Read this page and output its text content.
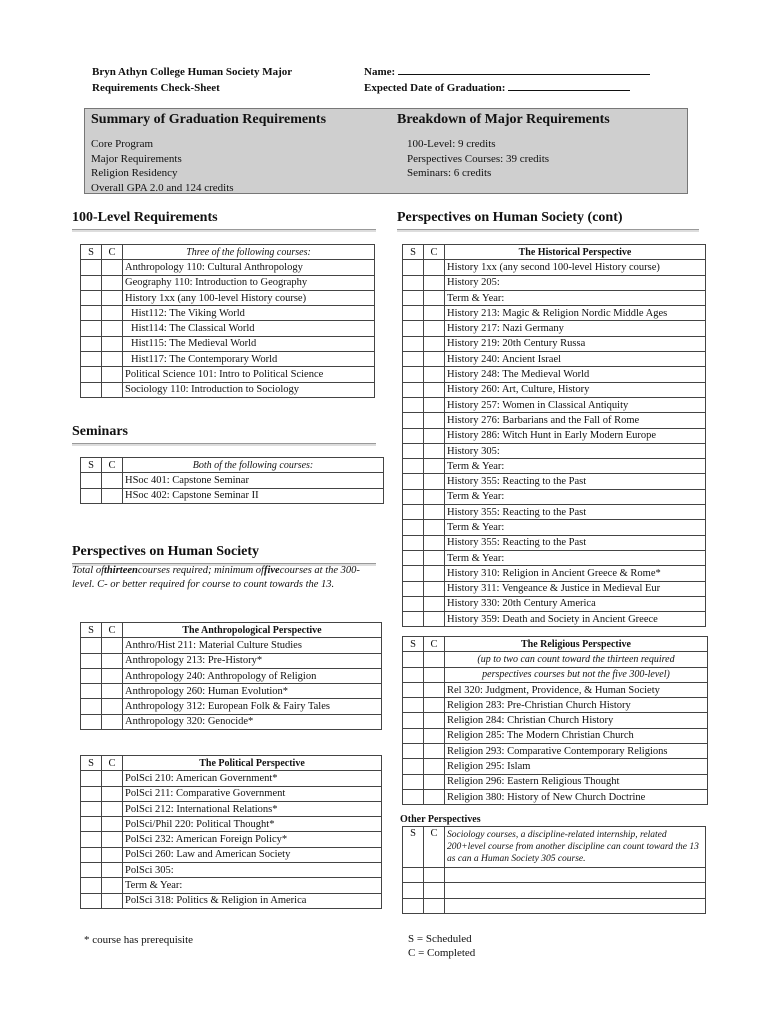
Bryn Athyn College Human Society Major
Requirements Check-Sheet
Name:
Expected Date of Graduation:
Summary of Graduation Requirements
Core Program
Major Requirements
Religion Residency
Overall GPA 2.0 and 124 credits
Breakdown of Major Requirements
100-Level: 9 credits
Perspectives Courses: 39 credits
Seminars: 6 credits
100-Level Requirements
S	C	Three of the following courses:
		Anthropology 110: Cultural Anthropology
		Geography 110: Introduction to Geography
		History 1xx (any 100-level History course)
		Hist112: The Viking World
		Hist114: The Classical World
		Hist115: The Medieval World
		Hist117: The Contemporary World
		Political Science 101: Intro to Political Science
		Sociology 110: Introduction to Sociology
Seminars
S	C	Both of the following courses:
		HSoc 401: Capstone Seminar
		HSoc 402: Capstone Seminar II
Perspectives on Human Society
Total ofthirteencourses required; minimum offivecourses at the 300-level. C- or better required for course to count towards the 13.
S	C	The Anthropological Perspective
		Anthro/Hist 211: Material Culture Studies
		Anthropology 213: Pre-History*
		Anthropology 240: Anthropology of Religion
		Anthropology 260: Human Evolution*
		Anthropology 312: European Folk & Fairy Tales
		Anthropology 320: Genocide*
S	C	The Political Perspective
		PolSci 210: American Government*
		PolSci 211: Comparative Government
		PolSci 212: International Relations*
		PolSci/Phil 220: Political Thought*
		PolSci 232: American Foreign Policy*
		PolSci 260: Law and American Society
		PolSci 305:
		Term & Year:
		PolSci 318: Politics & Religion in America
* course has prerequisite
Perspectives on Human Society (cont)
S	C	The Historical Perspective
		History 1xx (any second 100-level History course)
		History 205:
		Term & Year:
		History 213: Magic & Religion Nordic Middle Ages
		History 217: Nazi Germany
		History 219: 20th Century Russa
		History 240: Ancient Israel
		History 248: The Medieval World
		History 260: Art, Culture, History
		History 257: Women in Classical Antiquity
		History 276: Barbarians and the Fall of Rome
		History 286: Witch Hunt in Early Modern Europe
		History 305:
		Term & Year:
		History 355: Reacting to the Past
		Term & Year:
		History 355: Reacting to the Past
		Term & Year:
		History 355: Reacting to the Past
		Term & Year:
		History 310: Religion in Ancient Greece & Rome*
		History 311: Vengeance & Justice in Medieval Eur
		History 330: 20th Century America
		History 359: Death and Society in Ancient Greece
S	C	The Religious Perspective
		(up to two can count toward the thirteen required
		perspectives courses but not the five 300-level)
		Rel 320: Judgment, Providence, & Human Society
		Religion 283: Pre-Christian Church History
		Religion 284: Christian Church History
		Religion 285: The Modern Christian Church
		Religion 293: Comparative Contemporary Religions
		Religion 295: Islam
		Religion 296: Eastern Religious Thought
		Religion 380: History of New Church Doctrine
Other Perspectives
S	C	Sociology courses, a discipline-related internship, related 200+level course from another discipline can count toward the 13 as can a Human Society 305 course.

S = Scheduled
C = Completed
